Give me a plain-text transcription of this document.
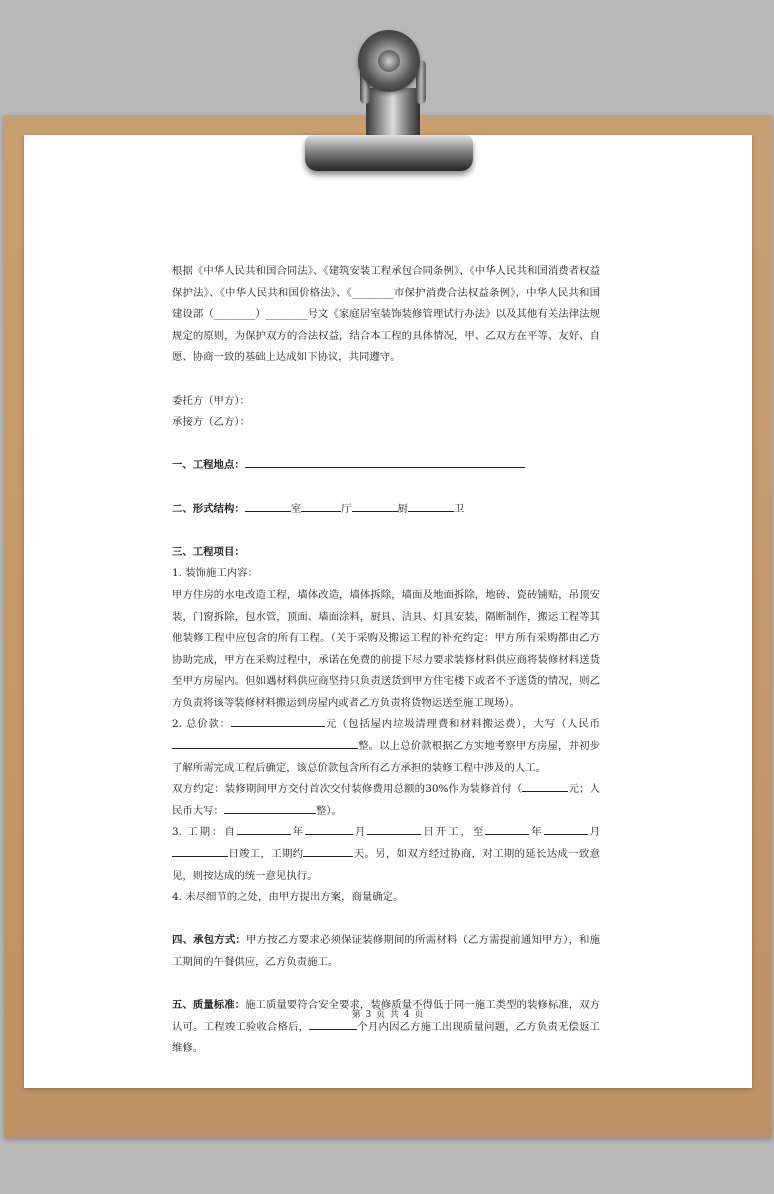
根据《中华人民共和国合同法》、《建筑安装工程承包合同条例》、《中华人民共和国消费者权益保护法》、《中华人民共和国价格法》、《________市保护消费合法权益条例》，中华人民共和国建设部（________）________号文《家庭居室装饰装修管理试行办法》以及其他有关法律法规规定的原则，为保护双方的合法权益，结合本工程的具体情况，甲、乙双方在平等、友好、自愿、协商一致的基础上达成如下协议，共同遵守。

委托方（甲方）：

承接方（乙方）：

一、工程地点：

二、形式结构：	室	厅	厨	卫

三、工程项目：

1. 装饰施工内容：

甲方住房的水电改造工程，墙体改造，墙体拆除，墙面及地面拆除，地砖、瓷砖铺贴，吊顶安装，门窗拆除，包水管，顶面、墙面涂料，厨具、洁具、灯具安装，隔断制作，搬运工程等其他装修工程中应包含的所有工程。（关于采购及搬运工程的补充约定：甲方所有采购都由乙方协助完成，甲方在采购过程中，承诺在免费的前提下尽力要求装修材料供应商将装修材料送货至甲方房屋内。但如遇材料供应商坚持只负责送货到甲方住宅楼下或者不予送货的情况，则乙方负责将该等装修材料搬运到房屋内或者乙方负责将货物运送至施工现场）。

2. 总价款：	元（包括屋内垃圾清理费和材料搬运费），大写（人民币整。以上总价款根据乙方实地考察甲方房屋，并初步了解所需完成工程后确定，该总价款包含所有乙方承担的装修工程中涉及的人工。

双方约定：装修期间甲方交付首次交付装修费用总额的30%作为装修首付（	元；人民币大写：	整）。

3. 工期：自	年	月	日开工，至	年	月日竣工，工期约	天。另，如双方经过协商，对工期的延长达成一致意见，则按达成的统一意见执行。

4. 未尽细节的之处，由甲方提出方案，商量确定。

四、承包方式：甲方按乙方要求必须保证装修期间的所需材料（乙方需提前通知甲方），和施工期间的午餐供应，乙方负责施工。

五、质量标准：施工质量要符合安全要求，装修质量不得低于同一施工类型的装修标准，双方认可。工程竣工验收合格后，	个月内因乙方施工出现质量问题，乙方负责无偿返工维修。

第 3 页 共 4 页
